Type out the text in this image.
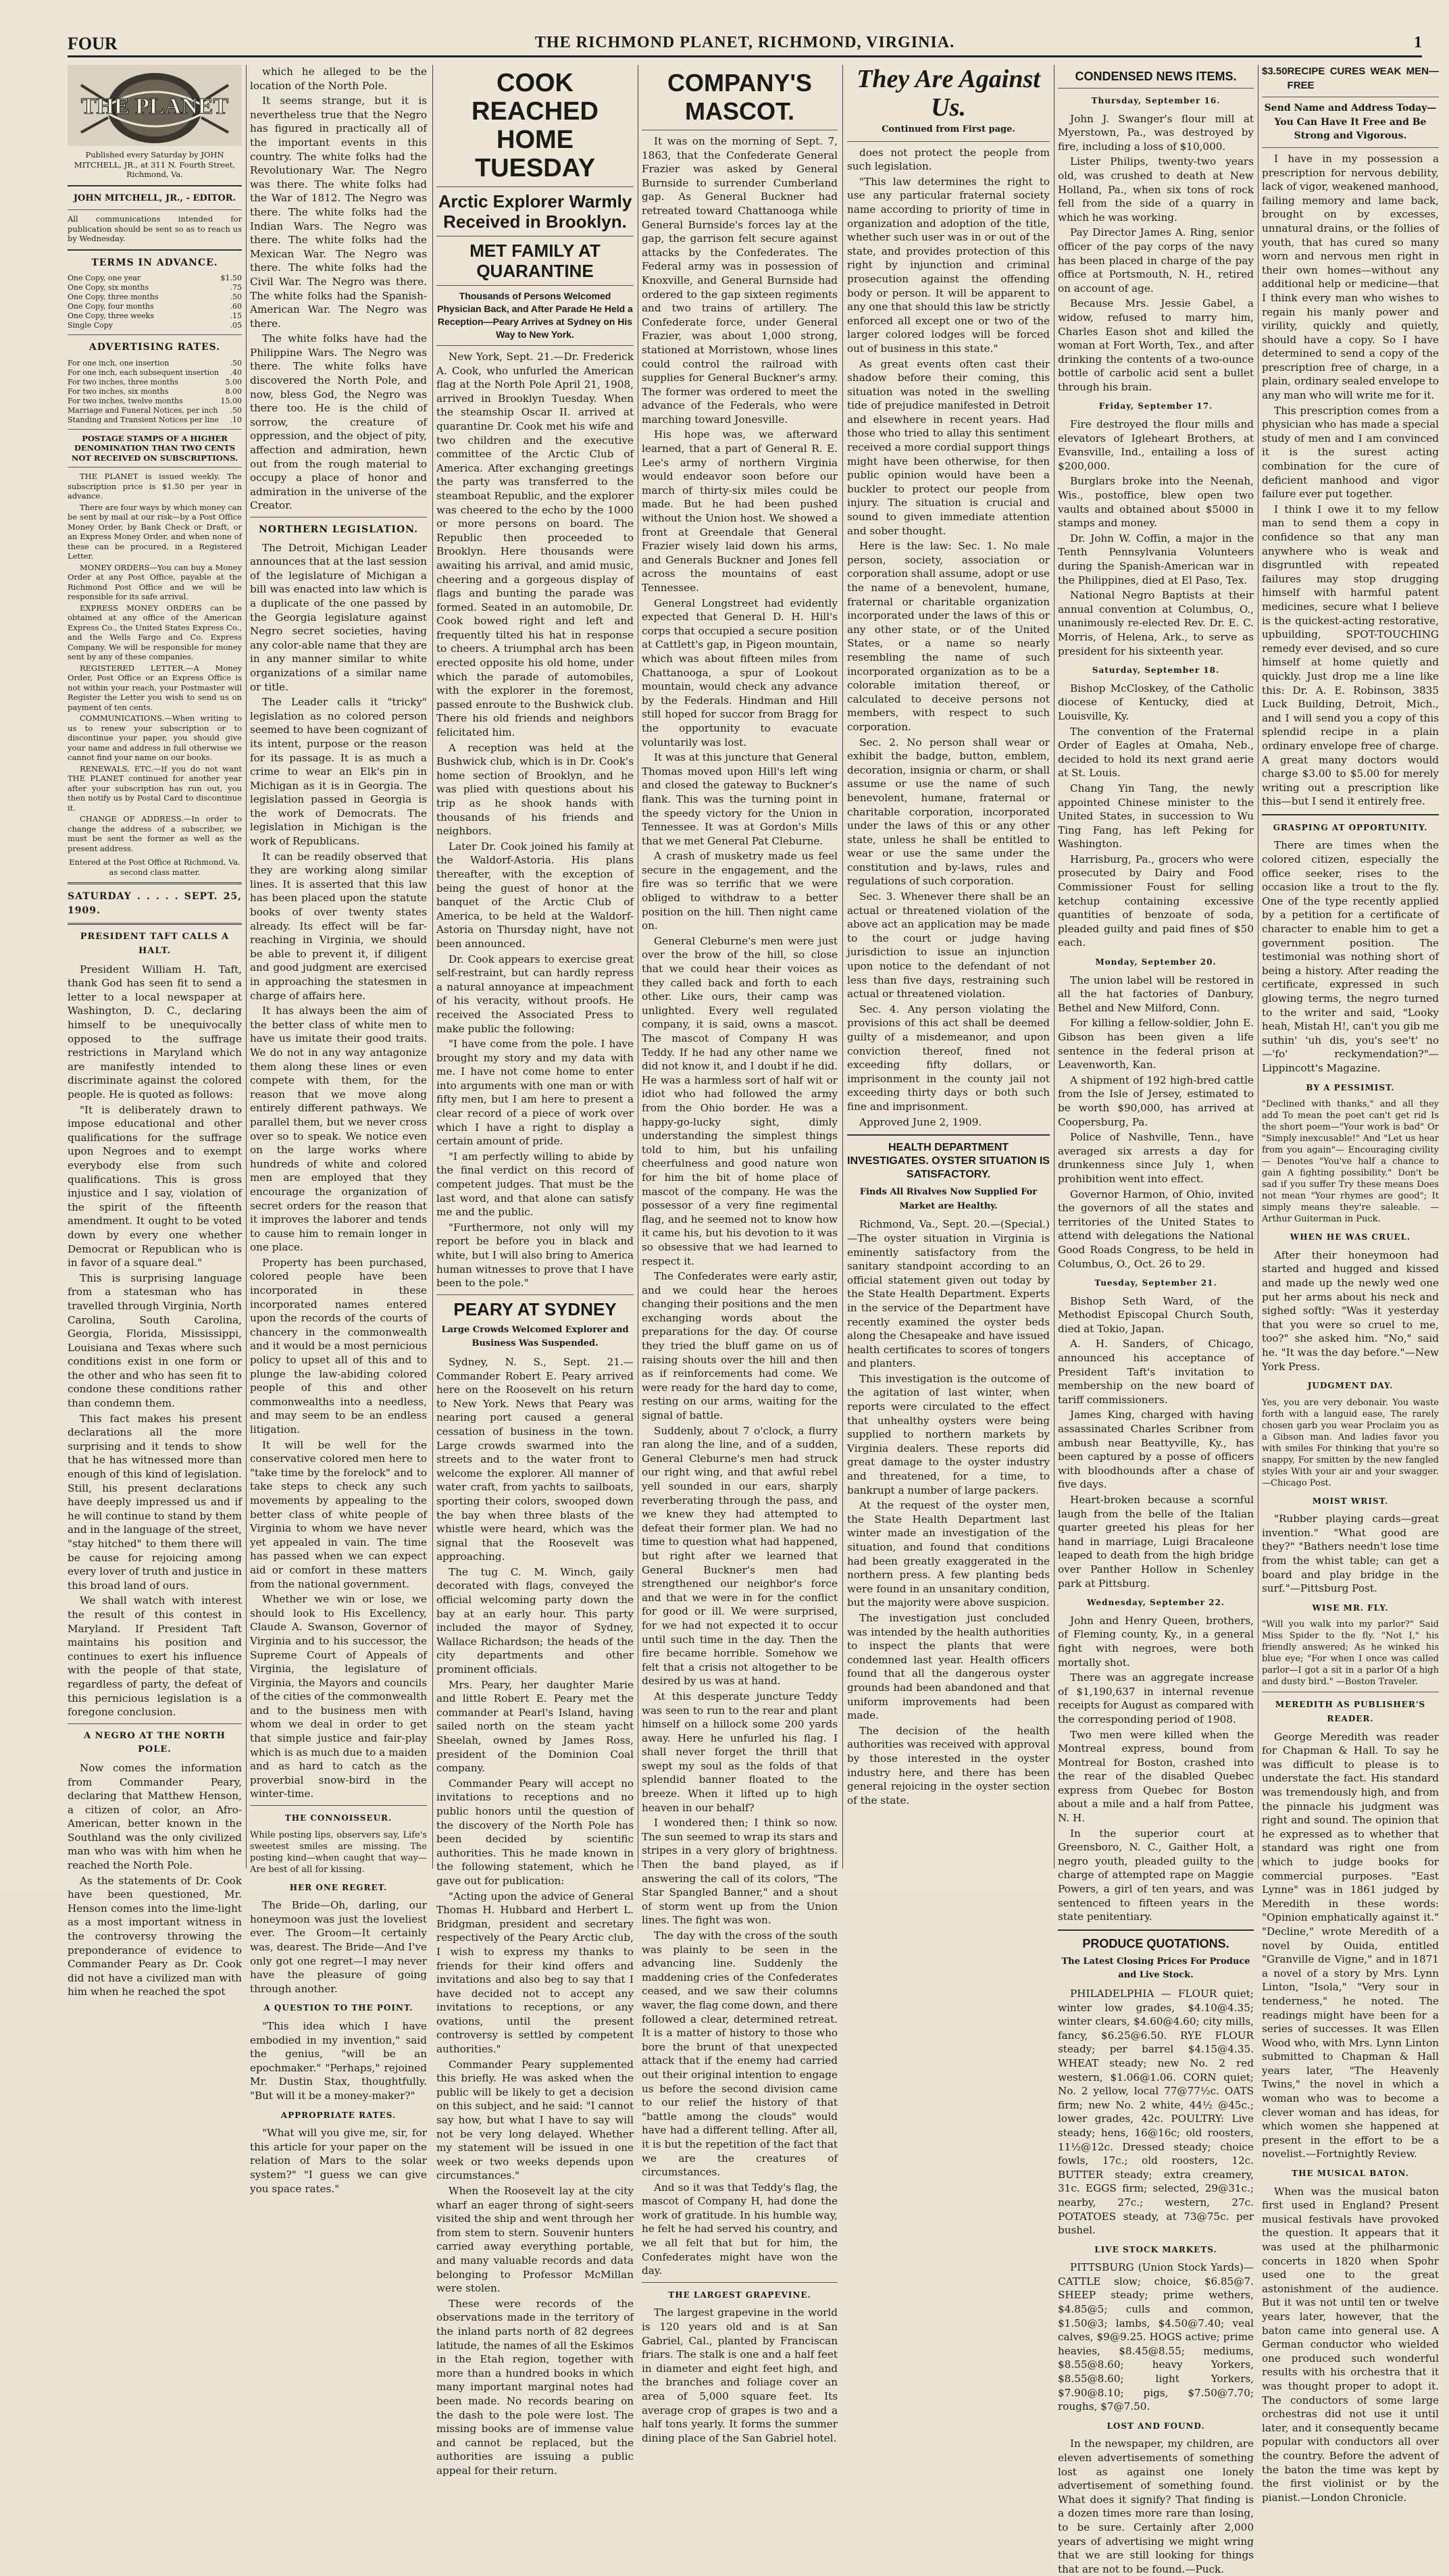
FOUR	THE RICHMOND PLANET, RICHMOND, VIRGINIA.	1
THE PLANET
Published every Saturday by JOHN MITCHELL, JR., at 311 N. Fourth Street, Richmond, Va.
JOHN MITCHELL, JR., - EDITOR.
All communications intended for publication should be sent so as to reach us by Wednesday.
TERMS IN ADVANCE.
One Copy, one year	$1.50
One Copy, six months	.75
One Copy, three months	.50
One Copy, four months	.60
One Copy, three weeks	.15
Single Copy	.05
ADVERTISING RATES.
For one inch, one insertion	.50
For one inch, each subsequent insertion .40
For two inches, three months	5.00
For two inches, six months	8.00
For two inches, twelve months	15.00
Marriage and Funeral Notices, per inch .50
Standing and Transient Notices per line .10
POSTAGE STAMPS OF A HIGHER DENOMINATION THAN TWO CENTS NOT RECEIVED ON SUBSCRIPTIONS.

THE PLANET is issued weekly. The subscription price is $1.50 per year in advance.

There are four ways by which money can be sent by mail at our risk—by a Post Office Money Order, by Bank Check or Draft, or an Express Money Order, and when none of these can be procured, in a Registered Letter.

MONEY ORDERS—You can buy a Money Order at any Post Office, payable at the Richmond Post Office and we will be responsible for its safe arrival.

EXPRESS MONEY ORDERS can be obtained at any office of the American Express Co., the United States Express Co., and the Wells Fargo and Co. Express Company. We will be responsible for money sent by any of these companies.

REGISTERED LETTER.—A Money Order, Post Office or an Express Office is not within your reach, your Postmaster will Register the Letter you wish to send us on payment of ten cents.

COMMUNICATIONS.—When writing to us to renew your subscription or to discontinue your paper, you should give your name and address in full otherwise we cannot find your name on our books.

RENEWALS, ETC.—If you do not want THE PLANET continued for another year after your subscription has run out, you then notify us by Postal Card to discontinue it.

CHANGE OF ADDRESS.—In order to change the address of a subscriber, we must be sent the former as well as the present address.

Entered at the Post Office at Richmond, Va. as second class matter.
SATURDAY . . . . . SEPT. 25, 1909.
PRESIDENT TAFT CALLS A HALT.

President William H. Taft, thank God has seen fit to send a letter to a local newspaper at Washington, D. C., declaring himself to be unequivocally opposed to the suffrage restrictions in Maryland which are manifestly intended to discriminate against the colored people. He is quoted as follows:

"It is deliberately drawn to impose educational and other qualifications for the suffrage upon Negroes and to exempt everybody else from such qualifications. This is gross injustice and I say, violation of the spirit of the fifteenth amendment. It ought to be voted down by every one whether Democrat or Republican who is in favor of a square deal."

This is surprising language from a statesman who has travelled through Virginia, North Carolina, South Carolina, Georgia, Florida, Mississippi, Louisiana and Texas where such conditions exist in one form or the other and who has seen fit to condone these conditions rather than condemn them.

This fact makes his present declarations all the more surprising and it tends to show that he has witnessed more than enough of this kind of legislation. Still, his present declarations have deeply impressed us and if he will continue to stand by them and in the language of the street, "stay hitched" to them there will be cause for rejoicing among every lover of truth and justice in this broad land of ours.

We shall watch with interest the result of this contest in Maryland. If President Taft maintains his position and continues to exert his influence with the people of that state, regardless of party, the defeat of this pernicious legislation is a foregone conclusion.

A NEGRO AT THE NORTH POLE.

Now comes the information from Commander Peary, declaring that Matthew Henson, a citizen of color, an Afro-American, better known in the Southland was the only civilized man who was with him when he reached the North Pole.

As the statements of Dr. Cook have been questioned, Mr. Henson comes into the lime-light as a most important witness in the controversy throwing the preponderance of evidence to Commander Peary as Dr. Cook did not have a civilized man with him when he reached the spot

which he alleged to be the location of the North Pole.

It seems strange, but it is nevertheless true that the Negro has figured in practically all of the important events in this country. The white folks had the Revolutionary War. The Negro was there. The white folks had the War of 1812. The Negro was there. The white folks had the Indian Wars. The Negro was there. The white folks had the Mexican War. The Negro was there. The white folks had the Civil War. The Negro was there. The white folks had the Spanish-American War. The Negro was there.

The white folks have had the Philippine Wars. The Negro was there. The white folks have discovered the North Pole, and now, bless God, the Negro was there too. He is the child of sorrow, the creature of oppression, and the object of pity, affection and admiration, hewn out from the rough material to occupy a place of honor and admiration in the universe of the Creator.

NORTHERN LEGISLATION.

The Detroit, Michigan Leader announces that at the last session of the legislature of Michigan a bill was enacted into law which is a duplicate of the one passed by the Georgia legislature against Negro secret societies, having any color-able name that they are in any manner similar to white organizations of a similar name or title.

The Leader calls it "tricky" legislation as no colored person seemed to have been cognizant of its intent, purpose or the reason for its passage. It is as much a crime to wear an Elk's pin in Michigan as it is in Georgia. The legislation passed in Georgia is the work of Democrats. The legislation in Michigan is the work of Republicans.

It can be readily observed that they are working along similar lines. It is asserted that this law has been placed upon the statute books of over twenty states already. Its effect will be far-reaching in Virginia, we should be able to prevent it, if diligent and good judgment are exercised in approaching the statesmen in charge of affairs here.

It has always been the aim of the better class of white men to have us imitate their good traits. We do not in any way antagonize them along these lines or even compete with them, for the reason that we move along entirely different pathways. We parallel them, but we never cross over so to speak. We notice even on the large works where hundreds of white and colored men are employed that they encourage the organization of secret orders for the reason that it improves the laborer and tends to cause him to remain longer in one place.

Property has been purchased, colored people have been incorporated in these incorporated names entered upon the records of the courts of chancery in the commonwealth and it would be a most pernicious policy to upset all of this and to plunge the law-abiding colored people of this and other commonwealths into a needless, and may seem to be an endless litigation.

It will be well for the conservative colored men here to "take time by the forelock" and to take steps to check any such movements by appealing to the better class of white people of Virginia to whom we have never yet appealed in vain. The time has passed when we can expect aid or comfort in these matters from the national government.

Whether we win or lose, we should look to His Excellency, Claude A. Swanson, Governor of Virginia and to his successor, the Supreme Court of Appeals of Virginia, the legislature of Virginia, the Mayors and councils of the cities of the commonwealth and to the business men with whom we deal in order to get that simple justice and fair-play which is as much due to a maiden and as hard to catch as the proverbial snow-bird in the winter-time.

THE CONNOISSEUR.

While posting lips, observers say, Life's sweetest smiles are missing. The posting kind—when caught that way— Are best of all for kissing.

HER ONE REGRET.

The Bride—Oh, darling, our honeymoon was just the loveliest ever. The Groom—It certainly was, dearest. The Bride—And I've only got one regret—I may never have the pleasure of going through another.

A QUESTION TO THE POINT.

"This idea which I have embodied in my invention," said the genius, "will be an epochmaker." "Perhaps," rejoined Mr. Dustin Stax, thoughtfully. "But will it be a money-maker?"

APPROPRIATE RATES.

"What will you give me, sir, for this article for your paper on the relation of Mars to the solar system?" "I guess we can give you space rates."

COOK REACHED HOME TUESDAY
Arctic Explorer Warmly Received in Brooklyn.
MET FAMILY AT QUARANTINE
Thousands of Persons Welcomed Physician Back, and After Parade He Held a Reception—Peary Arrives at Sydney on His Way to New York.

New York, Sept. 21.—Dr. Frederick A. Cook, who unfurled the American flag at the North Pole April 21, 1908, arrived in Brooklyn Tuesday. When the steamship Oscar II. arrived at quarantine Dr. Cook met his wife and two children and the executive committee of the Arctic Club of America. After exchanging greetings the party was transferred to the steamboat Republic, and the explorer was cheered to the echo by the 1000 or more persons on board. The Republic then proceeded to Brooklyn. Here thousands were awaiting his arrival, and amid music, cheering and a gorgeous display of flags and bunting the parade was formed. Seated in an automobile, Dr. Cook bowed right and left and frequently tilted his hat in response to cheers. A triumphal arch has been erected opposite his old home, under which the parade of automobiles, with the explorer in the foremost, passed enroute to the Bushwick club. There his old friends and neighbors felicitated him.

A reception was held at the Bushwick club, which is in Dr. Cook's home section of Brooklyn, and he was plied with questions about his trip as he shook hands with thousands of his friends and neighbors.

Later Dr. Cook joined his family at the Waldorf-Astoria. His plans thereafter, with the exception of being the guest of honor at the banquet of the Arctic Club of America, to be held at the Waldorf-Astoria on Thursday night, have not been announced.

Dr. Cook appears to exercise great self-restraint, but can hardly repress a natural annoyance at impeachment of his veracity, without proofs. He received the Associated Press to make public the following:

"I have come from the pole. I have brought my story and my data with me. I have not come home to enter into arguments with one man or with fifty men, but I am here to present a clear record of a piece of work over which I have a right to display a certain amount of pride.

"I am perfectly willing to abide by the final verdict on this record of competent judges. That must be the last word, and that alone can satisfy me and the public.

"Furthermore, not only will my report be before you in black and white, but I will also bring to America human witnesses to prove that I have been to the pole."

PEARY AT SYDNEY
Large Crowds Welcomed Explorer and Business Was Suspended.

Sydney, N. S., Sept. 21.—Commander Robert E. Peary arrived here on the Roosevelt on his return to New York. News that Peary was nearing port caused a general cessation of business in the town. Large crowds swarmed into the streets and to the water front to welcome the explorer. All manner of water craft, from yachts to sailboats, sporting their colors, swooped down the bay when three blasts of the whistle were heard, which was the signal that the Roosevelt was approaching.

The tug C. M. Winch, gaily decorated with flags, conveyed the official welcoming party down the bay at an early hour. This party included the mayor of Sydney, Wallace Richardson; the heads of the city departments and other prominent officials.

Mrs. Peary, her daughter Marie and little Robert E. Peary met the commander at Pearl's Island, having sailed north on the steam yacht Sheelah, owned by James Ross, president of the Dominion Coal company.

Commander Peary will accept no invitations to receptions and no public honors until the question of the discovery of the North Pole has been decided by scientific authorities. This he made known in the following statement, which he gave out for publication:

"Acting upon the advice of General Thomas H. Hubbard and Herbert L. Bridgman, president and secretary respectively of the Peary Arctic club, I wish to express my thanks to friends for their kind offers and invitations and also beg to say that I have decided not to accept any invitations to receptions, or any ovations, until the present controversy is settled by competent authorities."

Commander Peary supplemented this briefly. He was asked when the public will be likely to get a decision on this subject, and he said: "I cannot say how, but what I have to say will not be very long delayed. Whether my statement will be issued in one week or two weeks depends upon circumstances."

When the Roosevelt lay at the city wharf an eager throng of sight-seers visited the ship and went through her from stem to stern. Souvenir hunters carried away everything portable, and many valuable records and data belonging to Professor McMillan were stolen.

These were records of the observations made in the territory of the inland parts north of 82 degrees latitude, the names of all the Eskimos in the Etah region, together with more than a hundred books in which many important marginal notes had been made. No records bearing on the dash to the pole were lost. The missing books are of immense value and cannot be replaced, but the authorities are issuing a public appeal for their return.

COMPANY'S MASCOT.

It was on the morning of Sept. 7, 1863, that the Confederate General Frazier was asked by General Burnside to surrender Cumberland gap. As General Buckner had retreated toward Chattanooga while General Burnside's forces lay at the gap, the garrison felt secure against attacks by the Confederates. The Federal army was in possession of Knoxville, and General Burnside had ordered to the gap sixteen regiments and two trains of artillery. The Confederate force, under General Frazier, was about 1,000 strong, stationed at Morristown, whose lines could control the railroad with supplies for General Buckner's army. The former was ordered to meet the advance of the Federals, who were marching toward Jonesville.

His hope was, we afterward learned, that a part of General R. E. Lee's army of northern Virginia would endeavor soon before our march of thirty-six miles could be made. But he had been pushed without the Union host. We showed a front at Greendale that General Frazier wisely laid down his arms, and Generals Buckner and Jones fell across the mountains of east Tennessee.

General Longstreet had evidently expected that General D. H. Hill's corps that occupied a secure position at Cattlett's gap, in Pigeon mountain, which was about fifteen miles from Chattanooga, a spur of Lookout mountain, would check any advance by the Federals. Hindman and Hill still hoped for succor from Bragg for the opportunity to evacuate voluntarily was lost.

It was at this juncture that General Thomas moved upon Hill's left wing and closed the gateway to Buckner's flank. This was the turning point in the speedy victory for the Union in Tennessee. It was at Gordon's Mills that we met General Pat Cleburne.

A crash of musketry made us feel secure in the engagement, and the fire was so terrific that we were obliged to withdraw to a better position on the hill. Then night came on.

General Cleburne's men were just over the brow of the hill, so close that we could hear their voices as they called back and forth to each other. Like ours, their camp was unlighted. Every well regulated company, it is said, owns a mascot. The mascot of Company H was Teddy. If he had any other name we did not know it, and I doubt if he did. He was a harmless sort of half wit or idiot who had followed the army from the Ohio border. He was a happy-go-lucky sight, dimly understanding the simplest things told to him, but his unfailing cheerfulness and good nature won for him the bit of home place of mascot of the company. He was the possessor of a very fine regimental flag, and he seemed not to know how it came his, but his devotion to it was so obsessive that we had learned to respect it.

The Confederates were early astir, and we could hear the heroes changing their positions and the men exchanging words about the preparations for the day. Of course they tried the bluff game on us of raising shouts over the hill and then as if reinforcements had come. We were ready for the hard day to come, resting on our arms, waiting for the signal of battle.

Suddenly, about 7 o'clock, a flurry ran along the line, and of a sudden, General Cleburne's men had struck our right wing, and that awful rebel yell sounded in our ears, sharply reverberating through the pass, and we knew they had attempted to defeat their former plan. We had no time to question what had happened, but right after we learned that General Buckner's men had strengthened our neighbor's force and that we were in for the conflict for good or ill. We were surprised, for we had not expected it to occur until such time in the day. Then the fire became horrible. Somehow we felt that a crisis not altogether to be desired by us was at hand.

At this desperate juncture Teddy was seen to run to the rear and plant himself on a hillock some 200 yards away. Here he unfurled his flag. I shall never forget the thrill that swept my soul as the folds of that splendid banner floated to the breeze. When it lifted up to high heaven in our behalf?

I wondered then; I think so now. The sun seemed to wrap its stars and stripes in a very glory of brightness. Then the band played, as if answering the call of its colors, "The Star Spangled Banner," and a shout of storm went up from the Union lines. The fight was won.

The day with the cross of the south was plainly to be seen in the advancing line. Suddenly the maddening cries of the Confederates ceased, and we saw their columns waver, the flag come down, and there followed a clear, determined retreat. It is a matter of history to those who bore the brunt of that unexpected attack that if the enemy had carried out their original intention to engage us before the second division came to our relief the history of that "battle among the clouds" would have had a different telling. After all, it is but the repetition of the fact that we are the creatures of circumstances.

And so it was that Teddy's flag, the mascot of Company H, had done the work of gratitude. In his humble way, he felt he had served his country, and we all felt that but for him, the Confederates might have won the day.

THE LARGEST GRAPEVINE.

The largest grapevine in the world is 120 years old and is at San Gabriel, Cal., planted by Franciscan friars. The stalk is one and a half feet in diameter and eight feet high, and the branches and foliage cover an area of 5,000 square feet. Its average crop of grapes is two and a half tons yearly. It forms the summer dining place of the San Gabriel hotel.

They Are Against Us.
Continued from First page.

does not protect the people from such legislation.

"This law determines the right to use any particular fraternal society name according to priority of time in organization and adoption of the title, whether such user was in or out of the state, and provides protection of this right by injunction and criminal prosecution against the offending body or person. It will be apparent to any one that should this law be strictly enforced all except one or two of the larger colored lodges will be forced out of business in this state."

As great events often cast their shadow before their coming, this situation was noted in the swelling tide of prejudice manifested in Detroit and elsewhere in recent years. Had those who tried to allay this sentiment received a more cordial support things might have been otherwise, for then public opinion would have been a buckler to protect our people from injury. The situation is crucial and sound to given immediate attention and sober thought.

Here is the law: Sec. 1. No male person, society, association or corporation shall assume, adopt or use the name of a benevolent, humane, fraternal or charitable organization incorporated under the laws of this or any other state, or of the United States, or a name so nearly resembling the name of such incorporated organization as to be a colorable imitation thereof, or calculated to deceive persons not members, with respect to such corporation.

Sec. 2. No person shall wear or exhibit the badge, button, emblem, decoration, insignia or charm, or shall assume or use the name of such benevolent, humane, fraternal or charitable corporation, incorporated under the laws of this or any other state, unless he shall be entitled to wear or use the same under the constitution and by-laws, rules and regulations of such corporation.

Sec. 3. Whenever there shall be an actual or threatened violation of the above act an application may be made to the court or judge having jurisdiction to issue an injunction upon notice to the defendant of not less than five days, restraining such actual or threatened violation.

Sec. 4. Any person violating the provisions of this act shall be deemed guilty of a misdemeanor, and upon conviction thereof, fined not exceeding fifty dollars, or imprisonment in the county jail not exceeding thirty days or both such fine and imprisonment.

Approved June 2, 1909.

HEALTH DEPARTMENT INVESTIGATES. OYSTER SITUATION IS SATISFACTORY.
Finds All Rivalves Now Supplied For Market are Healthy.

Richmond, Va., Sept. 20.—(Special.)—The oyster situation in Virginia is eminently satisfactory from the sanitary standpoint according to an official statement given out today by the State Health Department. Experts in the service of the Department have recently examined the oyster beds along the Chesapeake and have issued health certificates to scores of tongers and planters.

This investigation is the outcome of the agitation of last winter, when reports were circulated to the effect that unhealthy oysters were being supplied to northern markets by Virginia dealers. These reports did great damage to the oyster industry and threatened, for a time, to bankrupt a number of large packers.

At the request of the oyster men, the State Health Department last winter made an investigation of the situation, and found that conditions had been greatly exaggerated in the northern press. A few planting beds were found in an unsanitary condition, but the majority were above suspicion.

The investigation just concluded was intended by the health authorities to inspect the plants that were condemned last year. Health officers found that all the dangerous oyster grounds had been abandoned and that uniform improvements had been made.

The decision of the health authorities was received with approval by those interested in the oyster industry here, and there has been general rejoicing in the oyster section of the state.

CONDENSED NEWS ITEMS.
Thursday, September 16.

John J. Swanger's flour mill at Myerstown, Pa., was destroyed by fire, including a loss of $10,000.

Lister Philips, twenty-two years old, was crushed to death at New Holland, Pa., when six tons of rock fell from the side of a quarry in which he was working.

Pay Director James A. Ring, senior officer of the pay corps of the navy has been placed in charge of the pay office at Portsmouth, N. H., retired on account of age.

Because Mrs. Jessie Gabel, a widow, refused to marry him, Charles Eason shot and killed the woman at Fort Worth, Tex., and after drinking the contents of a two-ounce bottle of carbolic acid sent a bullet through his brain.

Friday, September 17.

Fire destroyed the flour mills and elevators of Igleheart Brothers, at Evansville, Ind., entailing a loss of $200,000.

Burglars broke into the Neenah, Wis., postoffice, blew open two vaults and obtained about $5000 in stamps and money.

Dr. John W. Coffin, a major in the Tenth Pennsylvania Volunteers during the Spanish-American war in the Philippines, died at El Paso, Tex.

National Negro Baptists at their annual convention at Columbus, O., unanimously re-elected Rev. Dr. E. C. Morris, of Helena, Ark., to serve as president for his sixteenth year.

Saturday, September 18.

Bishop McCloskey, of the Catholic diocese of Kentucky, died at Louisville, Ky.

The convention of the Fraternal Order of Eagles at Omaha, Neb., decided to hold its next grand aerie at St. Louis.

Chang Yin Tang, the newly appointed Chinese minister to the United States, in succession to Wu Ting Fang, has left Peking for Washington.

Harrisburg, Pa., grocers who were prosecuted by Dairy and Food Commissioner Foust for selling ketchup containing excessive quantities of benzoate of soda, pleaded guilty and paid fines of $50 each.

Monday, September 20.

The union label will be restored in all the hat factories of Danbury, Bethel and New Milford, Conn.

For killing a fellow-soldier, John E. Gibson has been given a life sentence in the federal prison at Leavenworth, Kan.

A shipment of 192 high-bred cattle from the Isle of Jersey, estimated to be worth $90,000, has arrived at Coopersburg, Pa.

Police of Nashville, Tenn., have averaged six arrests a day for drunkenness since July 1, when prohibition went into effect.

Governor Harmon, of Ohio, invited the governors of all the states and territories of the United States to attend with delegations the National Good Roads Congress, to be held in Columbus, O., Oct. 26 to 29.

Tuesday, September 21.

Bishop Seth Ward, of the Methodist Episcopal Church South, died at Tokio, Japan.

A. H. Sanders, of Chicago, announced his acceptance of President Taft's invitation to membership on the new board of tariff commissioners.

James King, charged with having assassinated Charles Scribner from ambush near Beattyville, Ky., has been captured by a posse of officers with bloodhounds after a chase of five days.

Heart-broken because a scornful laugh from the belle of the Italian quarter greeted his pleas for her hand in marriage, Luigi Bracaleone leaped to death from the high bridge over Panther Hollow in Schenley park at Pittsburg.

Wednesday, September 22.

John and Henry Queen, brothers, of Fleming county, Ky., in a general fight with negroes, were both mortally shot.

There was an aggregate increase of $1,190,637 in internal revenue receipts for August as compared with the corresponding period of 1908.

Two men were killed when the Montreal express, bound from Montreal for Boston, crashed into the rear of the disabled Quebec express from Quebec for Boston about a mile and a half from Pattee, N. H.

In the superior court at Greensboro, N. C., Gaither Holt, a negro youth, pleaded guilty to the charge of attempted rape on Maggie Powers, a girl of ten years, and was sentenced to fifteen years in the state penitentiary.

PRODUCE QUOTATIONS.
The Latest Closing Prices For Produce and Live Stock.

PHILADELPHIA — FLOUR quiet; winter low grades, $4.10@4.35; winter clears, $4.60@4.60; city mills, fancy, $6.25@6.50. RYE FLOUR steady; per barrel $4.15@4.35. WHEAT steady; new No. 2 red western, $1.06@1.06. CORN quiet; No. 2 yellow, local 77@77½c. OATS firm; new No. 2 white, 44½ @45c.; lower grades, 42c. POULTRY: Live steady; hens, 16@16c; old roosters, 11½@12c. Dressed steady; choice fowls, 17c.; old roosters, 12c. BUTTER steady; extra creamery, 31c. EGGS firm; selected, 29@31c.; nearby, 27c.; western, 27c. POTATOES steady, at 73@75c. per bushel.

LIVE STOCK MARKETS.

PITTSBURG (Union Stock Yards)—CATTLE slow; choice, $6.85@7. SHEEP steady; prime wethers, $4.85@5; culls and common, $1.50@3; lambs, $4.50@7.40; veal calves, $9@9.25. HOGS active; prime heavies, $8.45@8.55; mediums, $8.55@8.60; heavy Yorkers, $8.55@8.60; light Yorkers, $7.90@8.10; pigs, $7.50@7.70; roughs, $7@7.50.

LOST AND FOUND.

In the newspaper, my children, are eleven advertisements of something lost as against one lonely advertisement of something found. What does it signify? That finding is a dozen times more rare than losing, to be sure. Certainly after 2,000 years of advertising we might wring that we are still looking for things that are not to be found.—Puck.

$3.50 RECIPE CURES WEAK MEN—FREE
Send Name and Address Today—You Can Have It Free and Be Strong and Vigorous.

I have in my possession a prescription for nervous debility, lack of vigor, weakened manhood, failing memory and lame back, brought on by excesses, unnatural drains, or the follies of youth, that has cured so many worn and nervous men right in their own homes—without any additional help or medicine—that I think every man who wishes to regain his manly power and virility, quickly and quietly, should have a copy. So I have determined to send a copy of the prescription free of charge, in a plain, ordinary sealed envelope to any man who will write me for it.

This prescription comes from a physician who has made a special study of men and I am convinced it is the surest acting combination for the cure of deficient manhood and vigor failure ever put together.

I think I owe it to my fellow man to send them a copy in confidence so that any man anywhere who is weak and disgruntled with repeated failures may stop drugging himself with harmful patent medicines, secure what I believe is the quickest-acting restorative, upbuilding, SPOT-TOUCHING remedy ever devised, and so cure himself at home quietly and quickly. Just drop me a line like this: Dr. A. E. Robinson, 3835 Luck Building, Detroit, Mich., and I will send you a copy of this splendid recipe in a plain ordinary envelope free of charge. A great many doctors would charge $3.00 to $5.00 for merely writing out a prescription like this—but I send it entirely free.

GRASPING AT OPPORTUNITY.

There are times when the colored citizen, especially the office seeker, rises to the occasion like a trout to the fly. One of the type recently applied by a petition for a certificate of character to enable him to get a government position. The testimonial was nothing short of being a history. After reading the certificate, expressed in such glowing terms, the negro turned to the writer and said, "Looky heah, Mistah H!, can't you gib me suthin' 'uh dis, you's see't' no—'fo' reckymendation?"—Lippincott's Magazine.

BY A PESSIMIST.

"Declined with thanks," and all they add To mean the poet can't get rid Is the short poem—"Your work is bad" Or "Simply inexcusable!" And "Let us hear from you again"— Encouraging civility— Denotes "You've half a chance to gain A fighting possibility." Don't be sad if you suffer Try these means Does not mean "Your rhymes are good"; It simply means they're saleable. —Arthur Guiterman in Puck.

WHEN HE WAS CRUEL.

After their honeymoon had started and hugged and kissed and made up the newly wed one put her arms about his neck and sighed softly: "Was it yesterday that you were so cruel to me, too?" she asked him. "No," said he. "It was the day before."—New York Press.

JUDGMENT DAY.

Yes, you are very debonair. You waste forth with a languid ease, The rarely chosen garb you wear Proclaim you as a Gibson man. And ladies favor you with smiles For thinking that you're so snappy, For smitten by the new fangled styles With your air and your swagger. —Chicago Post.

MOIST WRIST.

"Rubber playing cards—great invention." "What good are they?" "Bathers needn't lose time from the whist table; can get a board and play bridge in the surf."—Pittsburg Post.

WISE MR. FLY.

"Will you walk into my parlor?" Said Miss Spider to the fly. "Not I," his friendly answered; As he winked his blue eye; "For when I once was called parlor—I got a sit in a parlor Of a high and dusty bird." —Boston Traveler.

MEREDITH AS PUBLISHER'S READER.

George Meredith was reader for Chapman & Hall. To say he was difficult to please is to understate the fact. His standard was tremendously high, and from the pinnacle his judgment was right and sound. The opinion that he expressed as to whether that standard was right one from which to judge books for commercial purposes. "East Lynne" was in 1861 judged by Meredith in these words: "Opinion emphatically against it." "Decline," wrote Meredith of a novel by Ouida, entitled "Granville de Vigne," and in 1871 a novel of a story by Mrs. Lynn Linton, "Isola," "Very sour in tenderness," he noted. The readings might have been for a series of successes. It was Ellen Wood who, with Mrs. Lynn Linton submitted to Chapman & Hall years later, "The Heavenly Twins," the novel in which a woman who was to become a clever woman and has ideas, for which women she happened at present in the effort to be a novelist.—Fortnightly Review.

THE MUSICAL BATON.

When was the musical baton first used in England? Present musical festivals have provoked the question. It appears that it was used at the philharmonic concerts in 1820 when Spohr used one to the great astonishment of the audience. But it was not until ten or twelve years later, however, that the baton came into general use. A German conductor who wielded one produced such wonderful results with his orchestra that it was thought proper to adopt it. The conductors of some large orchestras did not use it until later, and it consequently became popular with conductors all over the country. Before the advent of the baton the time was kept by the first violinist or by the pianist.—London Chronicle.
